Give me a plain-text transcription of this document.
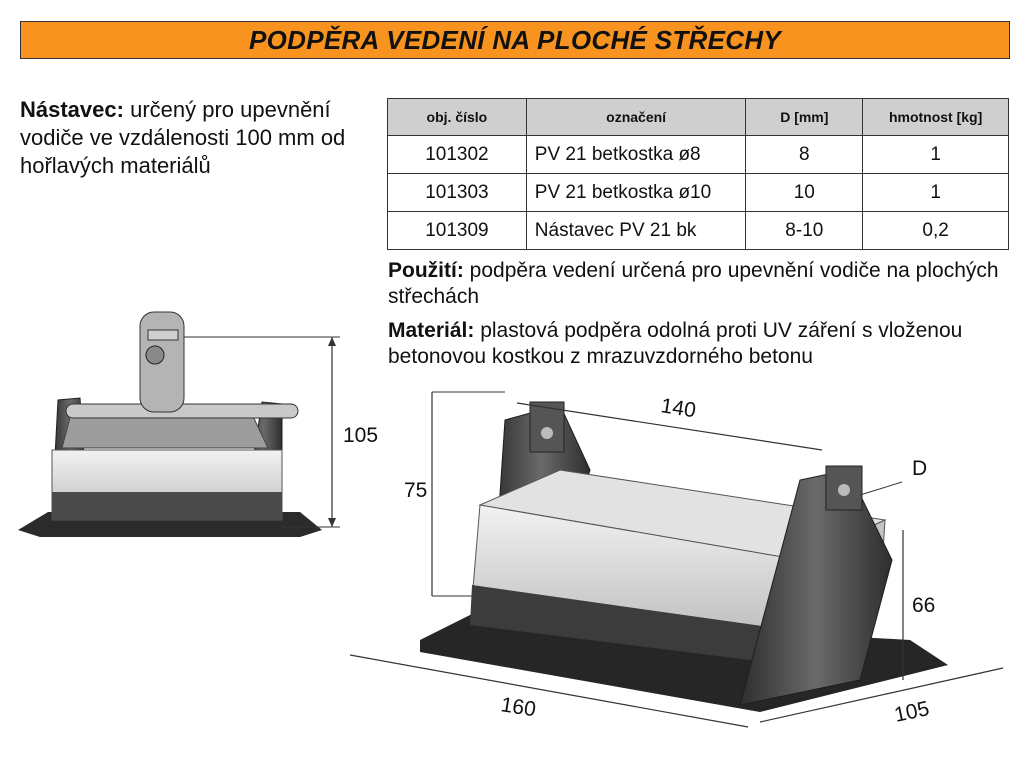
PODPĚRA VEDENÍ NA PLOCHÉ STŘECHY
Nástavec: určený pro upevnění vodiče ve vzdálenosti 100 mm od hořlavých materiálů
obj. číslo	označení	D [mm]	hmotnost [kg]
101302	PV 21 betkostka ø8	8	1
101303	PV 21 betkostka ø10	10	1
101309	Nástavec PV 21 bk	8-10	0,2
Použití: podpěra vedení určená pro upevnění vodiče na plochých střechách
Materiál: plastová podpěra odolná proti UV záření s vloženou betonovou kostkou z mrazuvzdorného betonu
105
140
75
D
66
160	105
